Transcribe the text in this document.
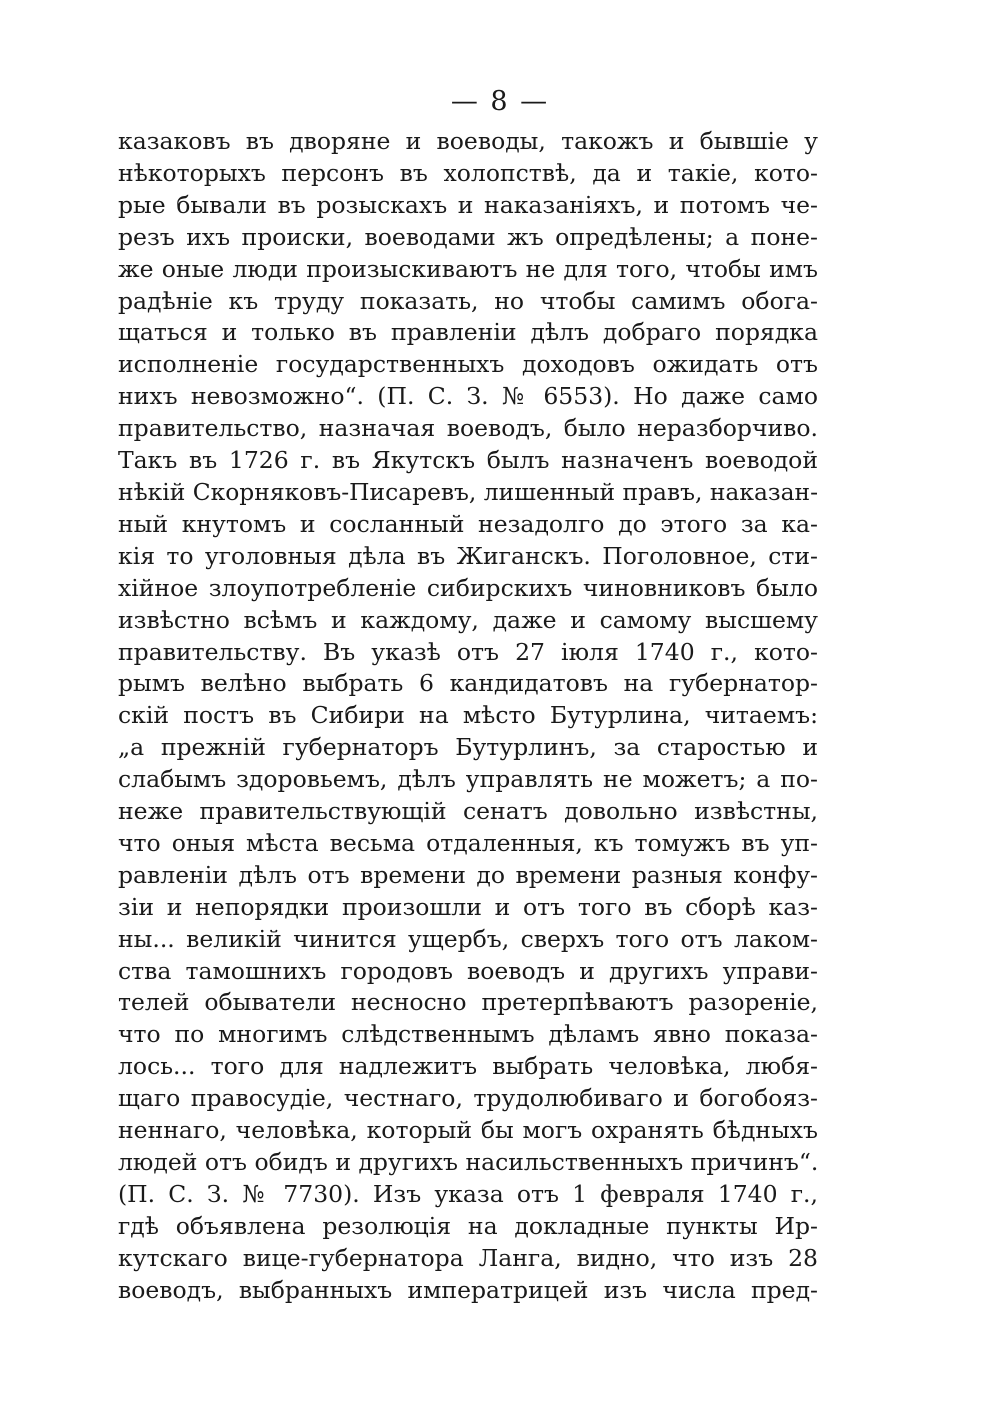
— 8 —
казаковъ въ дворяне и воеводы, такожъ и бывшіе у
нѣкоторыхъ персонъ въ холопствѣ, да и такіе, кото-
рые бывали въ розыскахъ и наказаніяхъ, и потомъ че-
резъ ихъ происки, воеводами жъ опредѣлены; а поне-
же оные люди произыскиваютъ не для того, чтобы имъ
радѣніе къ труду показать, но чтобы самимъ обога-
щаться и только въ правленіи дѣлъ добраго порядка
исполненіе государственныхъ доходовъ ожидать отъ
нихъ невозможно“. (П. С. З. № 6553). Но даже само
правительство, назначая воеводъ, было неразборчиво.
Такъ въ 1726 г. въ Якутскъ былъ назначенъ воеводой
нѣкій Скорняковъ-Писаревъ, лишенный правъ, наказан-
ный кнутомъ и сосланный незадолго до этого за ка-
кія то уголовныя дѣла въ Жиганскъ. Поголовное, сти-
хійное злоупотребленіе сибирскихъ чиновниковъ было
извѣстно всѣмъ и каждому, даже и самому высшему
правительству. Въ указѣ отъ 27 іюля 1740 г., кото-
рымъ велѣно выбрать 6 кандидатовъ на губернатор-
скій постъ въ Сибири на мѣсто Бутурлина, читаемъ:
„а прежній губернаторъ Бутурлинъ, за старостью и
слабымъ здоровьемъ, дѣлъ управлять не можетъ; а по-
неже правительствующій сенатъ довольно извѣстны,
что оныя мѣста весьма отдаленныя, къ томужъ въ уп-
равленіи дѣлъ отъ времени до времени разныя конфу-
зіи и непорядки произошли и отъ того въ сборѣ каз-
ны... великій чинится ущербъ, сверхъ того отъ лаком-
ства тамошнихъ городовъ воеводъ и другихъ управи-
телей обыватели несносно претерпѣваютъ разореніе,
что по многимъ слѣдственнымъ дѣламъ явно показа-
лось... того для надлежитъ выбрать человѣка, любя-
щаго правосудіе, честнаго, трудолюбиваго и богобояз-
неннаго, человѣка, который бы могъ охранять бѣдныхъ
людей отъ обидъ и другихъ насильственныхъ причинъ“.
(П. С. З. № 7730). Изъ указа отъ 1 февраля 1740 г.,
гдѣ объявлена резолюція на докладные пункты Ир-
кутскаго вице-губернатора Ланга, видно, что изъ 28
воеводъ, выбранныхъ императрицей изъ числа пред-
